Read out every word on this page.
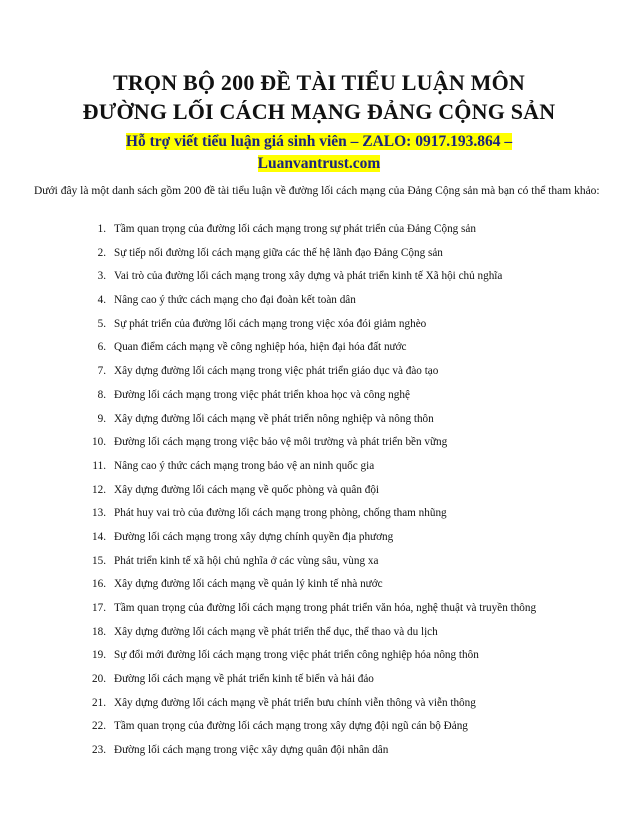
TRỌN BỘ 200 ĐỀ TÀI TIỂU LUẬN MÔN
ĐƯỜNG LỐI CÁCH MẠNG ĐẢNG CỘNG SẢN
Hỗ trợ viết tiểu luận giá sinh viên – ZALO: 0917.193.864 –
Luanvantrust.com
Dưới đây là một danh sách gồm 200 đề tài tiểu luận về đường lối cách mạng của Đảng Cộng sản mà bạn có thể tham khảo:
1. Tầm quan trọng của đường lối cách mạng trong sự phát triển của Đảng Cộng sản
2. Sự tiếp nối đường lối cách mạng giữa các thế hệ lãnh đạo Đảng Cộng sản
3. Vai trò của đường lối cách mạng trong xây dựng và phát triển kinh tế Xã hội chủ nghĩa
4. Nâng cao ý thức cách mạng cho đại đoàn kết toàn dân
5. Sự phát triển của đường lối cách mạng trong việc xóa đói giảm nghèo
6. Quan điểm cách mạng về công nghiệp hóa, hiện đại hóa đất nước
7. Xây dựng đường lối cách mạng trong việc phát triển giáo dục và đào tạo
8. Đường lối cách mạng trong việc phát triển khoa học và công nghệ
9. Xây dựng đường lối cách mạng về phát triển nông nghiệp và nông thôn
10. Đường lối cách mạng trong việc bảo vệ môi trường và phát triển bền vững
11. Nâng cao ý thức cách mạng trong bảo vệ an ninh quốc gia
12. Xây dựng đường lối cách mạng về quốc phòng và quân đội
13. Phát huy vai trò của đường lối cách mạng trong phòng, chống tham nhũng
14. Đường lối cách mạng trong xây dựng chính quyền địa phương
15. Phát triển kinh tế xã hội chủ nghĩa ở các vùng sâu, vùng xa
16. Xây dựng đường lối cách mạng về quản lý kinh tế nhà nước
17. Tầm quan trọng của đường lối cách mạng trong phát triển văn hóa, nghệ thuật và truyền thông
18. Xây dựng đường lối cách mạng về phát triển thể dục, thể thao và du lịch
19. Sự đổi mới đường lối cách mạng trong việc phát triển công nghiệp hóa nông thôn
20. Đường lối cách mạng về phát triển kinh tế biển và hải đảo
21. Xây dựng đường lối cách mạng về phát triển bưu chính viễn thông và viễn thông
22. Tầm quan trọng của đường lối cách mạng trong xây dựng đội ngũ cán bộ Đảng
23. Đường lối cách mạng trong việc xây dựng quân đội nhân dân
